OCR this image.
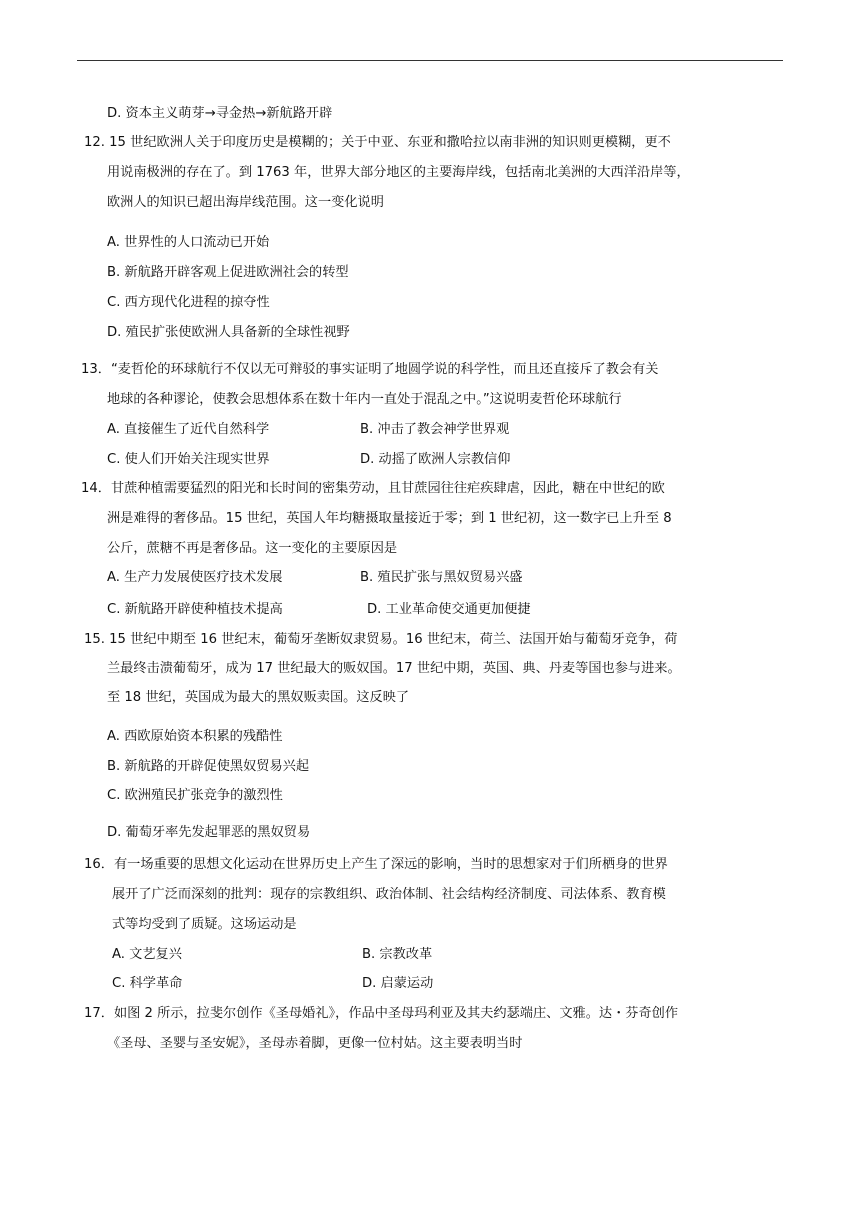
D. 资本主义萌芽→寻金热→新航路开辟
12. 15 世纪欧洲人关于印度历史是模糊的；关于中亚、东亚和撒哈拉以南非洲的知识则更模糊，更不
用说南极洲的存在了。到 1763 年，世界大部分地区的主要海岸线，包括南北美洲的大西洋沿岸等，
欧洲人的知识已超出海岸线范围。这一变化说明
A. 世界性的人口流动已开始
B. 新航路开辟客观上促进欧洲社会的转型
C. 西方现代化进程的掠夺性
D. 殖民扩张使欧洲人具备新的全球性视野
13．“麦哲伦的环球航行不仅以无可辩驳的事实证明了地圆学说的科学性，而且还直接斥了教会有关
地球的各种谬论，使教会思想体系在数十年内一直处于混乱之中。”这说明麦哲伦环球航行
A. 直接催生了近代自然科学	B. 冲击了教会神学世界观
C. 使人们开始关注现实世界	D. 动摇了欧洲人宗教信仰
14．甘蔗种植需要猛烈的阳光和长时间的密集劳动，且甘蔗园往往疟疾肆虐，因此，糖在中世纪的欧
洲是难得的奢侈品。15 世纪，英国人年均糖摄取量接近于零；到 1 世纪初，这一数字已上升至 8
公斤，蔗糖不再是奢侈品。这一变化的主要原因是
A. 生产力发展使医疗技术发展	B. 殖民扩张与黑奴贸易兴盛
C. 新航路开辟使种植技术提高	D. 工业革命使交通更加便捷
15. 15 世纪中期至 16 世纪末，葡萄牙垄断奴隶贸易。16 世纪末，荷兰、法国开始与葡萄牙竞争，荷
兰最终击溃葡萄牙，成为 17 世纪最大的贩奴国。17 世纪中期，英国、典、丹麦等国也参与进来。
至 18 世纪，英国成为最大的黑奴贩卖国。这反映了
A. 西欧原始资本积累的残酷性
B. 新航路的开辟促使黑奴贸易兴起
C. 欧洲殖民扩张竞争的激烈性
D. 葡萄牙率先发起罪恶的黑奴贸易
16．有一场重要的思想文化运动在世界历史上产生了深远的影响，当时的思想家对于们所栖身的世界
展开了广泛而深刻的批判：现存的宗教组织、政治体制、社会结构经济制度、司法体系、教育模
式等均受到了质疑。这场运动是
A. 文艺复兴	B. 宗教改革
C. 科学革命	D. 启蒙运动
17．如图 2 所示，拉斐尔创作《圣母婚礼》，作品中圣母玛利亚及其夫约瑟端庄、文雅。达・芬奇创作
《圣母、圣婴与圣安妮》，圣母赤着脚，更像一位村姑。这主要表明当时
